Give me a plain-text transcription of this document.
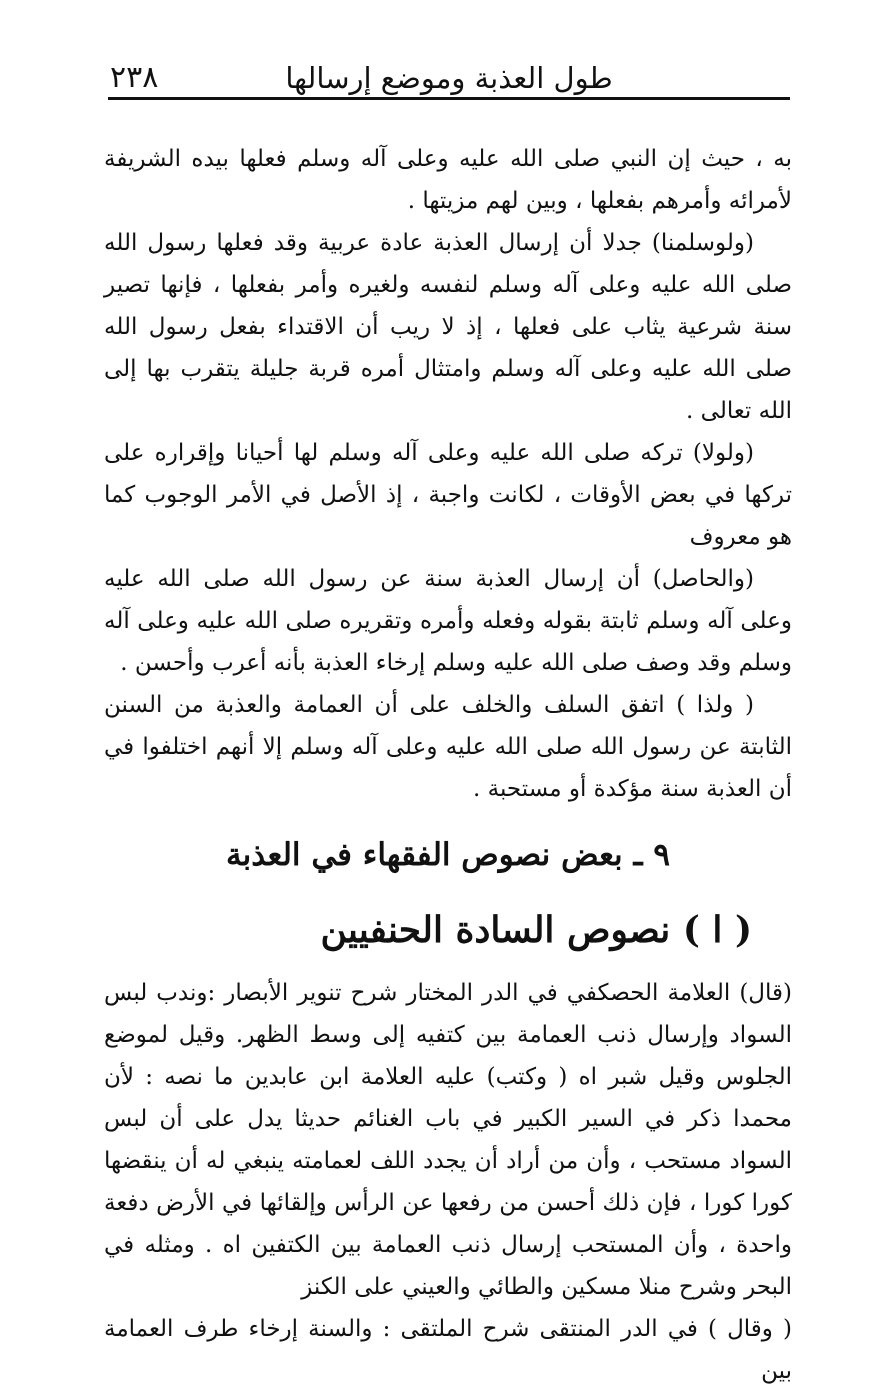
٢٣٨	طول العذبة وموضع إرسالها

به ، حيث إن النبي صلى الله عليه وعلى آله وسلم فعلها بيده الشريفة لأمرائه وأمرهم بفعلها ، وبين لهم مزيتها .

(ولوسلمنا) جدلا أن إرسال العذبة عادة عربية وقد فعلها رسول الله صلى الله عليه وعلى آله وسلم لنفسه ولغيره وأمر بفعلها ، فإنها تصير سنة شرعية يثاب على فعلها ، إذ لا ريب أن الاقتداء بفعل رسول الله صلى الله عليه وعلى آله وسلم وامتثال أمره قربة جليلة يتقرب بها إلى الله تعالى .

(ولولا) تركه صلى الله عليه وعلى آله وسلم لها أحيانا وإقراره على تركها في بعض الأوقات ، لكانت واجبة ، إذ الأصل في الأمر الوجوب كما هو معروف

(والحاصل) أن إرسال العذبة سنة عن رسول الله صلى الله عليه وعلى آله وسلم ثابتة بقوله وفعله وأمره وتقريره صلى الله عليه وعلى آله وسلم وقد وصف صلى الله عليه وسلم إرخاء العذبة بأنه أعرب وأحسن .

( ولذا ) اتفق السلف والخلف على أن العمامة والعذبة من السنن الثابتة عن رسول الله صلى الله عليه وعلى آله وسلم إلا أنهم اختلفوا في أن العذبة سنة مؤكدة أو مستحبة .

٩ ـ بعض نصوص الفقهاء في العذبة
( ا ) نصوص السادة الحنفيين

(قال) العلامة الحصكفي في الدر المختار شرح تنوير الأبصار :وندب لبس السواد وإرسال ذنب العمامة بين كتفيه إلى وسط الظهر. وقيل لموضع الجلوس وقيل شبر اه ( وكتب) عليه العلامة ابن عابدين ما نصه : لأن محمدا ذكر في السير الكبير في باب الغنائم حديثا يدل على أن لبس السواد مستحب ، وأن من أراد أن يجدد اللف لعمامته ينبغي له أن ينقضها كورا كورا ، فإن ذلك أحسن من رفعها عن الرأس وإلقائها في الأرض دفعة واحدة ، وأن المستحب إرسال ذنب العمامة بين الكتفين اه . ومثله في البحر وشرح منلا مسكين والطائي والعيني على الكنز

( وقال ) في الدر المنتقى شرح الملتقى : والسنة إرخاء طرف العمامة بين
